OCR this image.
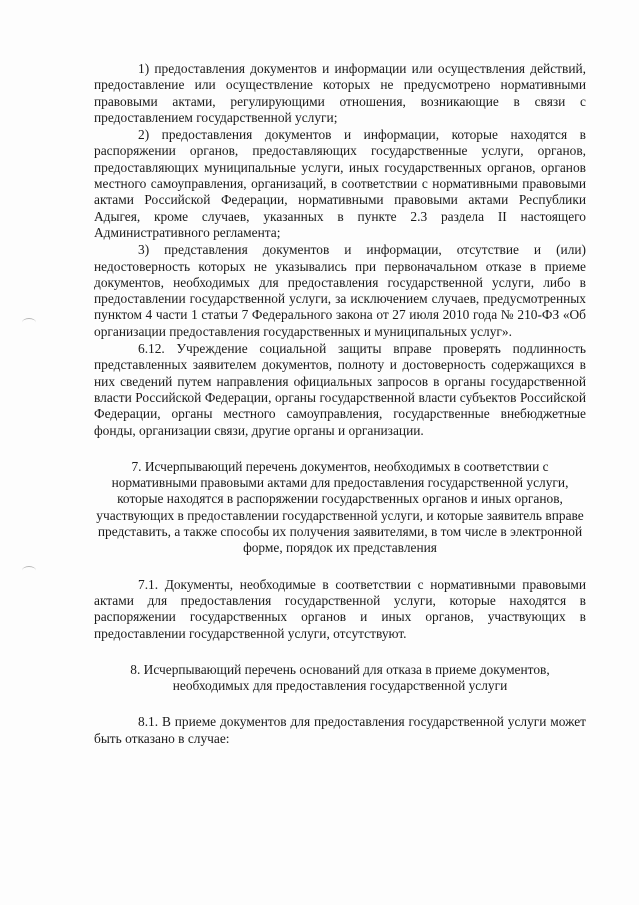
1) предоставления документов и информации или осуществления действий, предоставление или осуществление которых не предусмотрено нормативными правовыми актами, регулирующими отношения, возникающие в связи с предоставлением государственной услуги;

2) предоставления документов и информации, которые находятся в распоряжении органов, предоставляющих государственные услуги, органов, предоставляющих муниципальные услуги, иных государственных органов, органов местного самоуправления, организаций, в соответствии с нормативными правовыми актами Российской Федерации, нормативными правовыми актами Республики Адыгея, кроме случаев, указанных в пункте 2.3 раздела II настоящего Административного регламента;

3) представления документов и информации, отсутствие и (или) недостоверность которых не указывались при первоначальном отказе в приеме документов, необходимых для предоставления государственной услуги, либо в предоставлении государственной услуги, за исключением случаев, предусмотренных пунктом 4 части 1 статьи 7 Федерального закона от 27 июля 2010 года № 210-ФЗ «Об организации предоставления государственных и муниципальных услуг».

6.12. Учреждение социальной защиты вправе проверять подлинность представленных заявителем документов, полноту и достоверность содержащихся в них сведений путем направления официальных запросов в органы государственной власти Российской Федерации, органы государственной власти субъектов Российской Федерации, органы местного самоуправления, государственные внебюджетные фонды, организации связи, другие органы и организации.

7. Исчерпывающий перечень документов, необходимых в соответствии с нормативными правовыми актами для предоставления государственной услуги, которые находятся в распоряжении государственных органов и иных органов, участвующих в предоставлении государственной услуги, и которые заявитель вправе представить, а также способы их получения заявителями, в том числе в электронной форме, порядок их представления

7.1. Документы, необходимые в соответствии с нормативными правовыми актами для предоставления государственной услуги, которые находятся в распоряжении государственных органов и иных органов, участвующих в предоставлении государственной услуги, отсутствуют.

8. Исчерпывающий перечень оснований для отказа в приеме документов, необходимых для предоставления государственной услуги

8.1. В приеме документов для предоставления государственной услуги может быть отказано в случае:
